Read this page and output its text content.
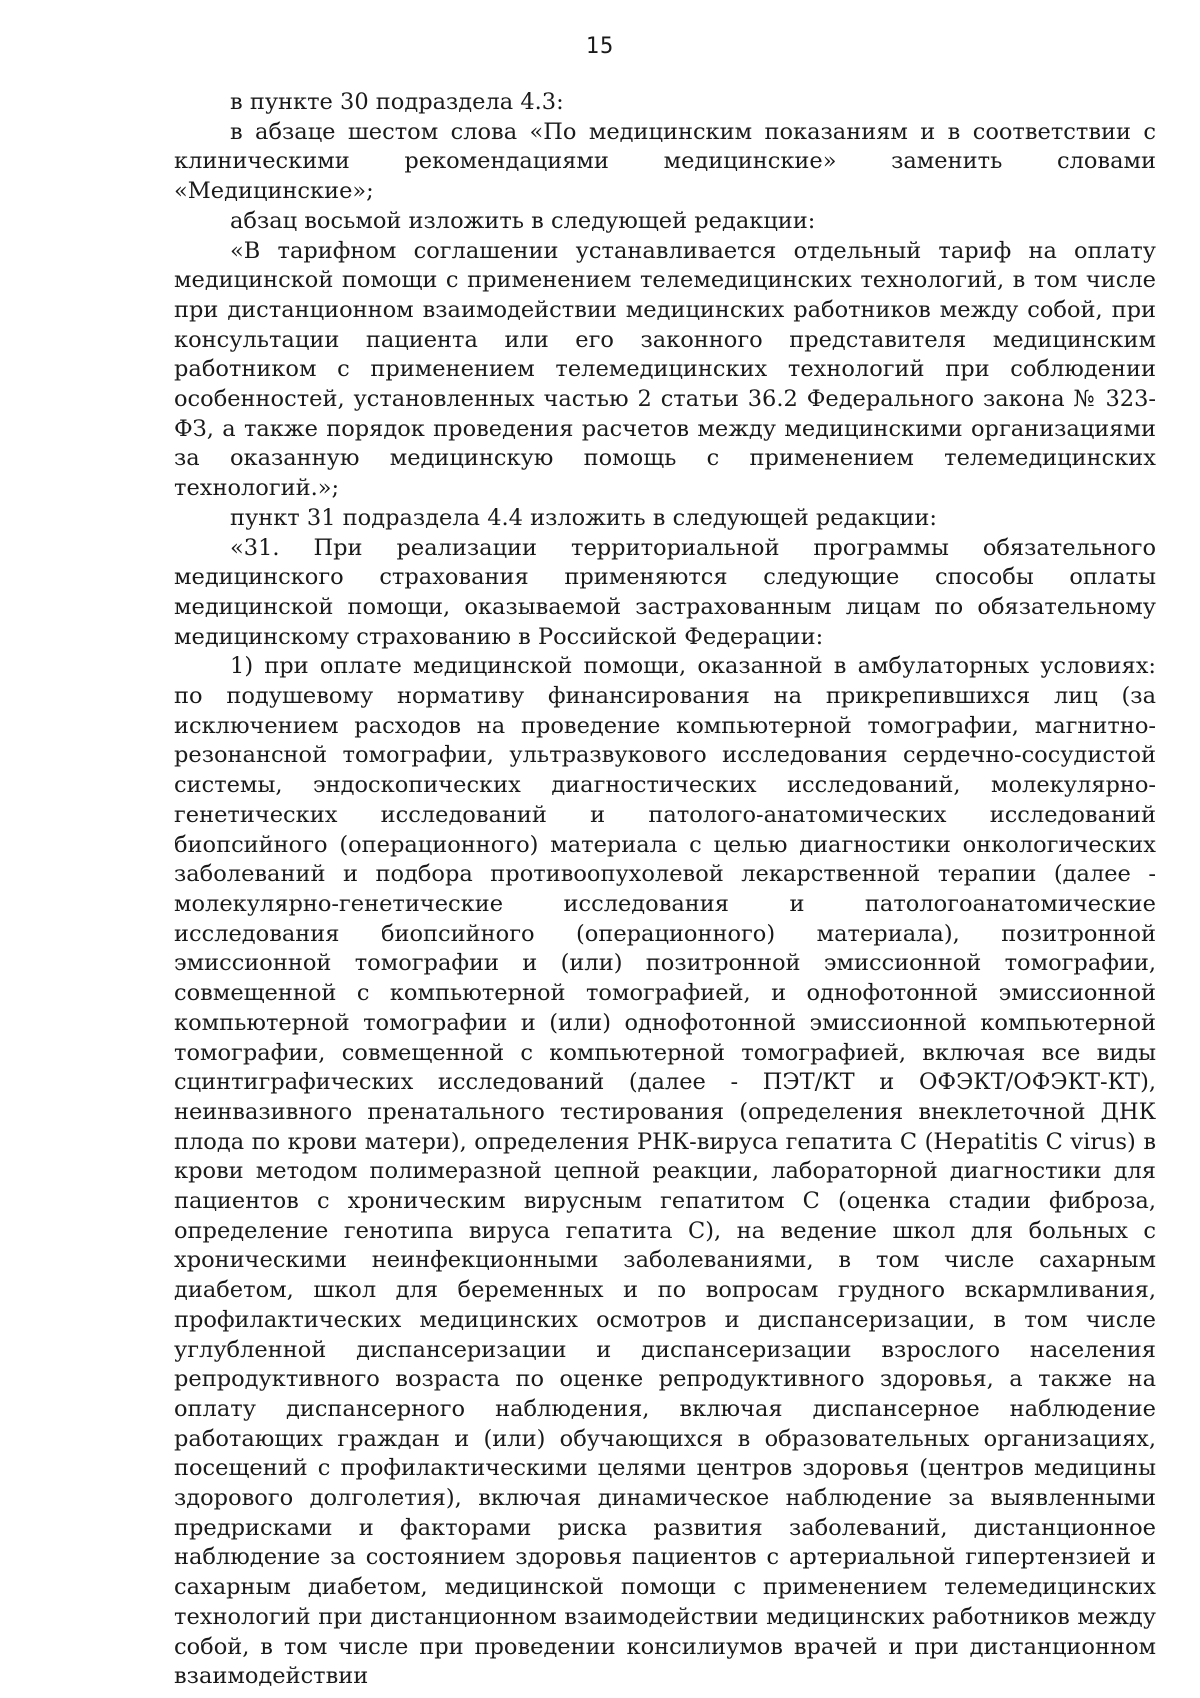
15

в пункте 30 подраздела 4.3:

в абзаце шестом слова «По медицинским показаниям и в соответствии с клиническими рекомендациями медицинские» заменить словами «Медицинские»;

абзац восьмой изложить в следующей редакции:

«В тарифном соглашении устанавливается отдельный тариф на оплату медицинской помощи с применением телемедицинских технологий, в том числе при дистанционном взаимодействии медицинских работников между собой, при консультации пациента или его законного представителя медицинским работником с применением телемедицинских технологий при соблюдении особенностей, установленных частью 2 статьи 36.2 Федерального закона № 323-ФЗ, а также порядок проведения расчетов между медицинскими организациями за оказанную медицинскую помощь с применением телемедицинских технологий.»;

пункт 31 подраздела 4.4 изложить в следующей редакции:

«31. При реализации территориальной программы обязательного медицинского страхования применяются следующие способы оплаты медицинской помощи, оказываемой застрахованным лицам по обязательному медицинскому страхованию в Российской Федерации:

1) при оплате медицинской помощи, оказанной в амбулаторных условиях: по подушевому нормативу финансирования на прикрепившихся лиц (за исключением расходов на проведение компьютерной томографии, магнитно-резонансной томографии, ультразвукового исследования сердечно-сосудистой системы, эндоскопических диагностических исследований, молекулярно-генетических исследований и патолого-анатомических исследований биопсийного (операционного) материала с целью диагностики онкологических заболеваний и подбора противоопухолевой лекарственной терапии (далее - молекулярно-генетические исследования и патологоанатомические исследования биопсийного (операционного) материала), позитронной эмиссионной томографии и (или) позитронной эмиссионной томографии, совмещенной с компьютерной томографией, и однофотонной эмиссионной компьютерной томографии и (или) однофотонной эмиссионной компьютерной томографии, совмещенной с компьютерной томографией, включая все виды сцинтиграфических исследований (далее - ПЭТ/КТ и ОФЭКТ/ОФЭКТ-КТ), неинвазивного пренатального тестирования (определения внеклеточной ДНК плода по крови матери), определения РНК-вируса гепатита С (Hepatitis C virus) в крови методом полимеразной цепной реакции, лабораторной диагностики для пациентов с хроническим вирусным гепатитом С (оценка стадии фиброза, определение генотипа вируса гепатита С), на ведение школ для больных с хроническими неинфекционными заболеваниями, в том числе сахарным диабетом, школ для беременных и по вопросам грудного вскармливания, профилактических медицинских осмотров и диспансеризации, в том числе углубленной диспансеризации и диспансеризации взрослого населения репродуктивного возраста по оценке репродуктивного здоровья, а также на оплату диспансерного наблюдения, включая диспансерное наблюдение работающих граждан и (или) обучающихся в образовательных организациях, посещений с профилактическими целями центров здоровья (центров медицины здорового долголетия), включая динамическое наблюдение за выявленными предрисками и факторами риска развития заболеваний, дистанционное наблюдение за состоянием здоровья пациентов с артериальной гипертензией и сахарным диабетом, медицинской помощи с применением телемедицинских технологий при дистанционном взаимодействии медицинских работников между собой, в том числе при проведении консилиумов врачей и при дистанционном взаимодействии
